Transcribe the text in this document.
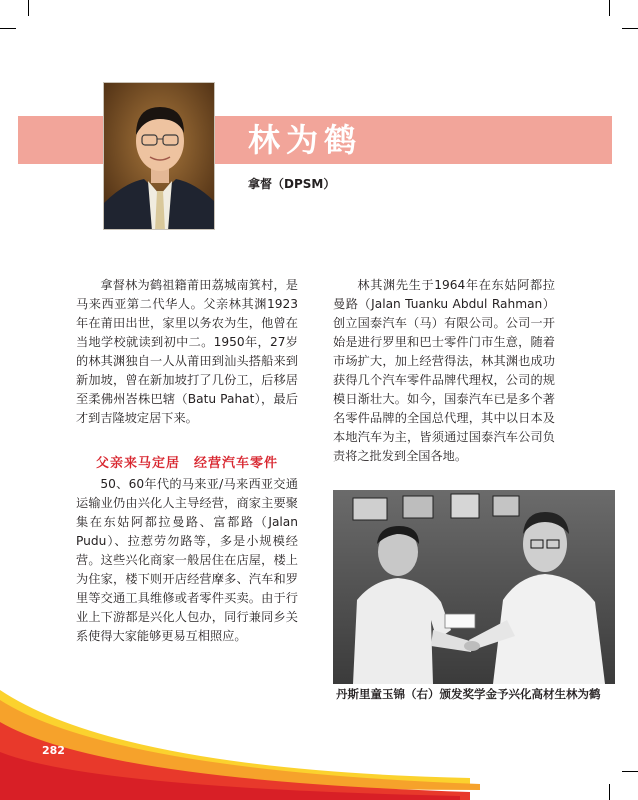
林为鹤
拿督（DPSM）

拿督林为鹤祖籍莆田荔城南箕村，是马来西亚第二代华人。父亲林其渊1923年在莆田出世，家里以务农为生，他曾在当地学校就读到初中二。1950年，27岁的林其渊独自一人从莆田到汕头搭船来到新加坡，曾在新加坡打了几份工，后移居至柔佛州峇株巴辖（Batu Pahat），最后才到吉隆坡定居下来。

父亲来马定居　经营汽车零件

50、60年代的马来亚/马来西亚交通运输业仍由兴化人主导经营，商家主要聚集在东姑阿都拉曼路、富都路（Jalan Pudu）、拉惹劳勿路等，多是小规模经营。这些兴化商家一般居住在店屋，楼上为住家，楼下则开店经营摩多、汽车和罗里等交通工具维修或者零件买卖。由于行业上下游都是兴化人包办，同行兼同乡关系使得大家能够更易互相照应。

林其渊先生于1964年在东姑阿都拉曼路（Jalan Tuanku Abdul Rahman）创立国泰汽车（马）有限公司。公司一开始是进行罗里和巴士零件门市生意，随着市场扩大，加上经营得法，林其渊也成功获得几个汽车零件品牌代理权，公司的规模日渐壮大。如今，国泰汽车已是多个著名零件品牌的全国总代理，其中以日本及本地汽车为主，皆须通过国泰汽车公司负责将之批发到全国各地。

丹斯里童玉锦（右）颁发奖学金予兴化高材生林为鹤
282
